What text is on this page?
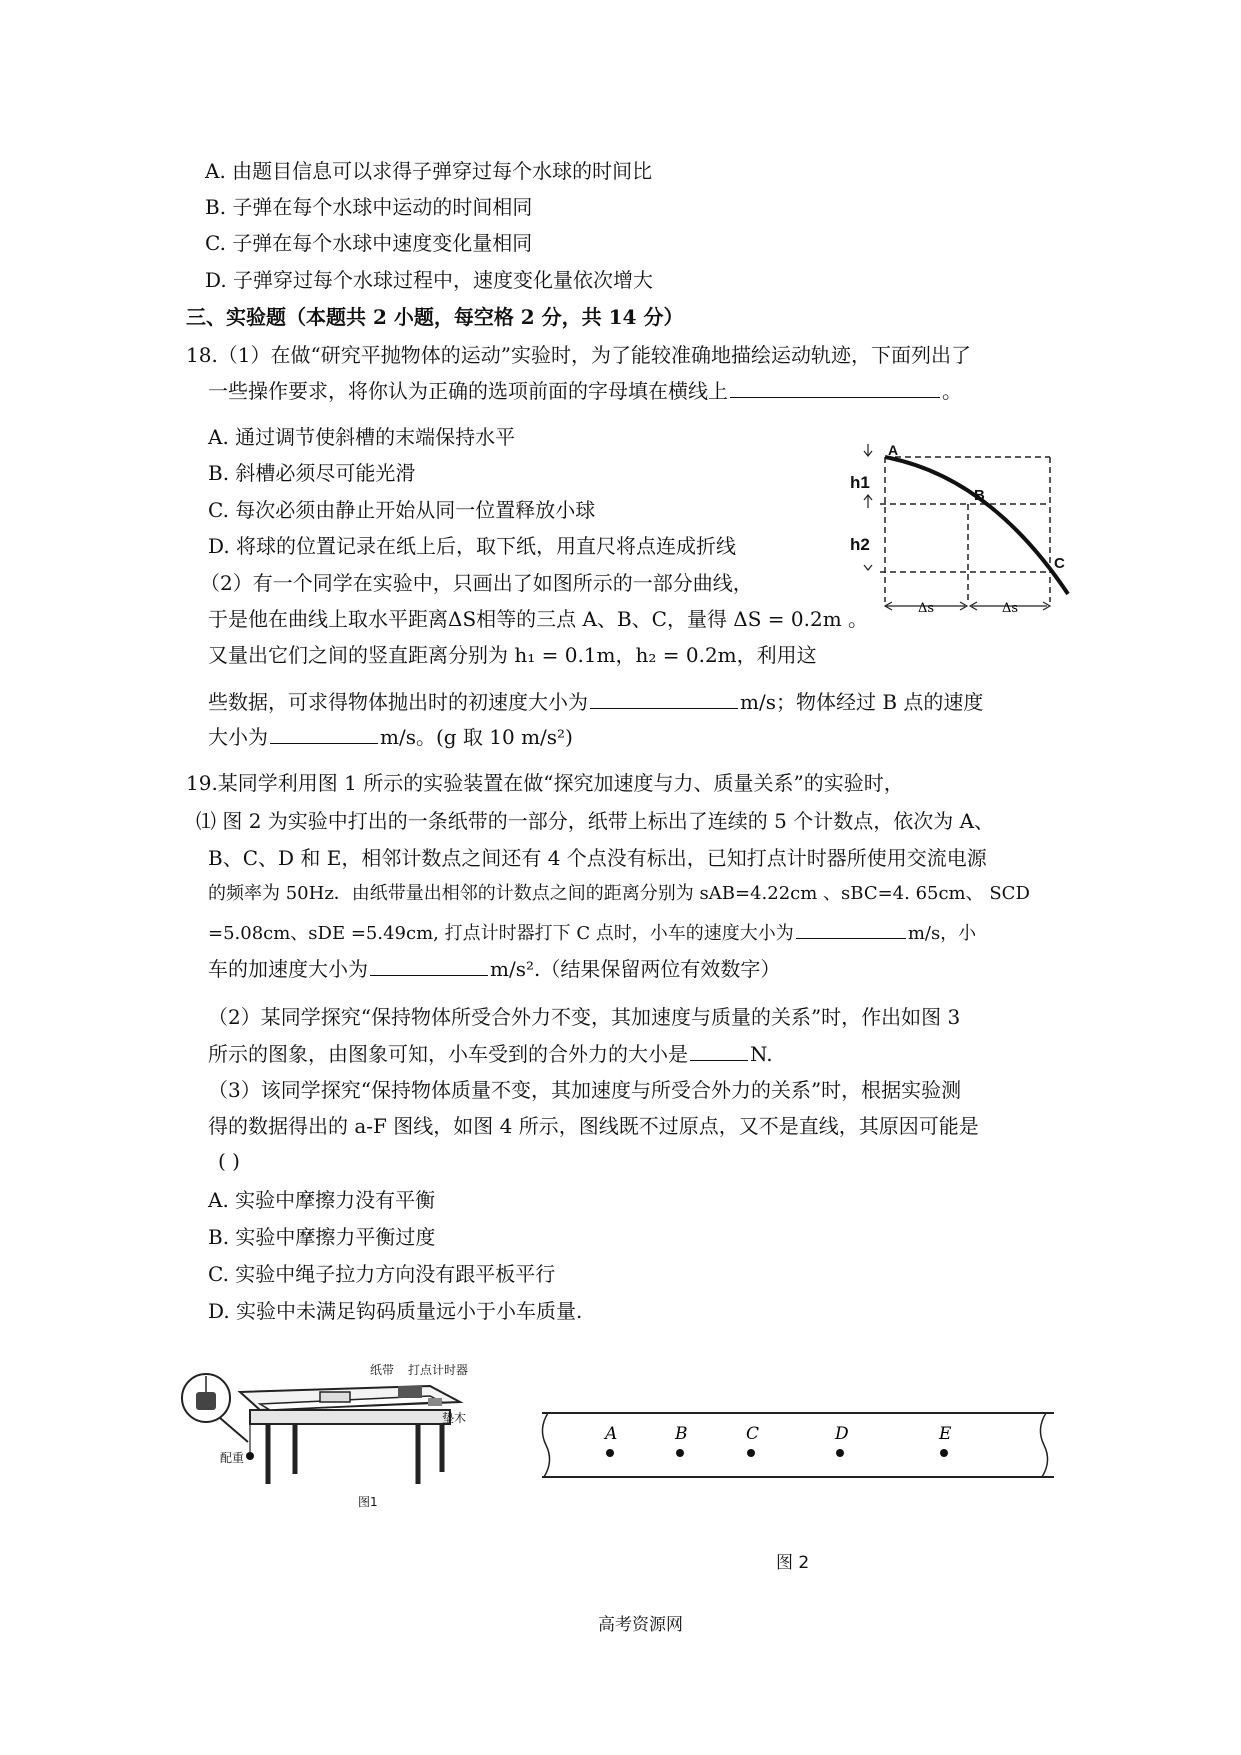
A. 由题目信息可以求得子弹穿过每个水球的时间比
B. 子弹在每个水球中运动的时间相同
C. 子弹在每个水球中速度变化量相同
D. 子弹穿过每个水球过程中，速度变化量依次增大
三、实验题（本题共 2 小题，每空格 2 分，共 14 分）
18.（1）在做“研究平抛物体的运动”实验时，为了能较准确地描绘运动轨迹，下面列出了
一些操作要求，将你认为正确的选项前面的字母填在横线上	。
A. 通过调节使斜槽的末端保持水平
B. 斜槽必须尽可能光滑
C. 每次必须由静止开始从同一位置释放小球
D. 将球的位置记录在纸上后，取下纸，用直尺将点连成折线
（2）有一个同学在实验中，只画出了如图所示的一部分曲线，
于是他在曲线上取水平距离ΔS相等的三点 A、B、C，量得 ΔS = 0.2m 。
又量出它们之间的竖直距离分别为 h₁ = 0.1m，h₂ = 0.2m，利用这
些数据，可求得物体抛出时的初速度大小为	m/s；物体经过 B 点的速度
大小为	m/s。(g 取 10 m/s²)
A
B
C
h1
h2
Δs	Δs
19.某同学利用图 1 所示的实验装置在做“探究加速度与力、质量关系”的实验时，
⑴ 图 2 为实验中打出的一条纸带的一部分，纸带上标出了连续的 5 个计数点，依次为 A、
B、C、D 和 E，相邻计数点之间还有 4 个点没有标出，已知打点计时器所使用交流电源
的频率为 50Hz．由纸带量出相邻的计数点之间的距离分别为 sAB=4.22cm 、sBC=4. 65cm、 SCD
=5.08cm、sDE =5.49cm, 打点计时器打下 C 点时，小车的速度大小为	m/s，小
车的加速度大小为	m/s².（结果保留两位有效数字）
（2）某同学探究“保持物体所受合外力不变，其加速度与质量的关系”时，作出如图 3
所示的图象，由图象可知，小车受到的合外力的大小是	N.
（3）该同学探究“保持物体质量不变，其加速度与所受合外力的关系”时，根据实验测
得的数据得出的 a-F 图线，如图 4 所示，图线既不过原点，又不是直线，其原因可能是
( )
A. 实验中摩擦力没有平衡
B. 实验中摩擦力平衡过度
C. 实验中绳子拉力方向没有跟平板平行
D. 实验中未满足钩码质量远小于小车质量.
纸带 打点计时器
垫木
配重
图1
A	B	C	D	E
图 2
高考资源网
